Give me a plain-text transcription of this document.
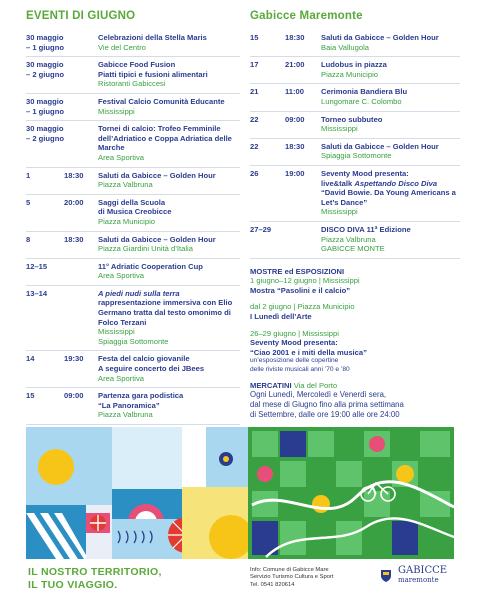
EVENTI DI GIUGNO	Gabicce Maremonte
30 maggio
– 1 giugno
Celebrazioni della Stella Maris
Vie del Centro
30 maggio
– 2 giugno
Gabicce Food Fusion
Piatti tipici e fusioni alimentari
Ristoranti Gabiccesi
30 maggio
– 1 giugno
Festival Calcio Comunità Educante
Mississippi
30 maggio
– 2 giugno
Tornei di calcio: Trofeo Femminile dell’Adriatico e Coppa Adriatica delle Marche
Area Sportiva
1	18:30	Saluti da Gabicce – Golden Hour
Piazza Valbruna
5	20:00	Saggi della Scuola
di Musica Creobicce
Piazza Municipio
8	18:30	Saluti da Gabicce – Golden Hour
Piazza Giardini Unità d’Italia
12–15	11° Adriatic Cooperation Cup
Area Sportiva
13–14	A piedi nudi sulla terra
rappresentazione immersiva con Elio Germano tratta dal testo omonimo di Folco Terzani
Mississippi
Spiaggia Sottomonte
14	19:30	Festa del calcio giovanile
A seguire concerto dei JBees
Area Sportiva
15	09:00	Partenza gara podistica
“La Panoramica”
Piazza Valbruna
15	18:30	Saluti da Gabicce – Golden Hour
Baia Vallugola
17	21:00	Ludobus in piazza
Piazza Municipio
21	11:00	Cerimonia Bandiera Blu
Lungomare C. Colombo
22	09:00	Torneo subbuteo
Mississippi
22	18:30	Saluti da Gabicce – Golden Hour
Spiaggia Sottomonte
26	19:00	Seventy Mood presenta:
live&talk Aspettando Disco Diva
“David Bowie. Da Young Americans a Let’s Dance”
Mississippi
27–29	DISCO DIVA 11ª Edizione
Piazza Valbruna
GABICCE MONTE
MOSTRE ed ESPOSIZIONI
1 giugno–12 giugno | Mississippi
Mostra “Pasolini e il calcio”
dal 2 giugno | Piazza Municipio
I Lunedì dell’Arte
26–29 giugno | Mississippi
Seventy Mood presenta:
“Ciao 2001 e i miti della musica”
un’esposizione delle copertine
delle riviste musicali anni ’70 e ’80
MERCATINI Via del Porto
Ogni Lunedì, Mercoledì e Venerdì sera,
dal mese di Giugno fino alla prima settimana
di Settembre, dalle ore 19:00 alle ore 24:00
IL NOSTRO TERRITORIO,
IL TUO VIAGGIO.
Info: Comune di Gabicce Mare
Servizio Turismo Cultura e Sport
Tel. 0541 820614
GABICCE
maremonte
